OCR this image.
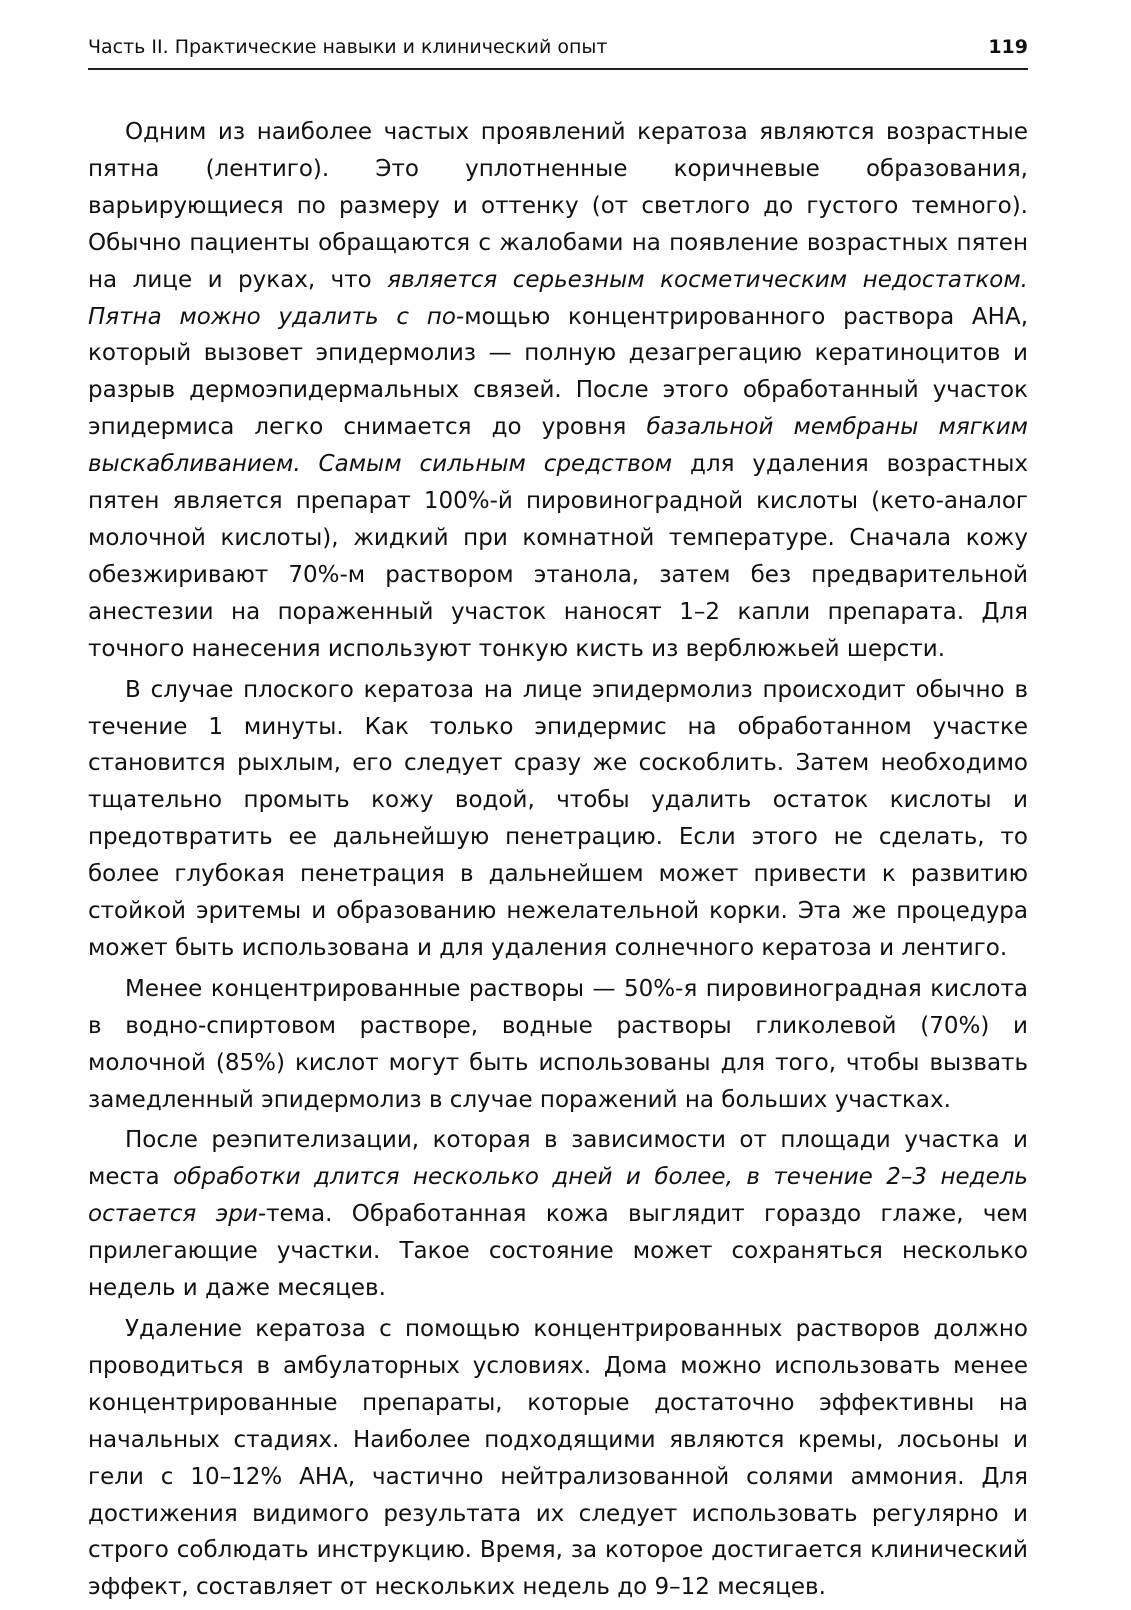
Часть II. Практические навыки и клинический опыт	119

Одним из наиболее частых проявлений кератоза являются возрастные пятна (лентиго). Это уплотненные коричневые образования, варьирующиеся по размеру и оттенку (от светлого до густого темного). Обычно пациенты обращаются с жалобами на появление возрастных пятен на лице и руках, что является серьезным косметическим недостатком. Пятна можно удалить с по-мощью концентрированного раствора АНА, который вызовет эпидермолиз — полную дезагрегацию кератиноцитов и разрыв дермоэпидермальных связей. После этого обработанный участок эпидермиса легко снимается до уровня базальной мембраны мягким выскабливанием. Самым сильным средством для удаления возрастных пятен является препарат 100%-й пировиноградной кислоты (кето-аналог молочной кислоты), жидкий при комнатной температуре. Сначала кожу обезжиривают 70%-м раствором этанола, затем без предварительной анестезии на пораженный участок наносят 1–2 капли препарата. Для точного нанесения используют тонкую кисть из верблюжьей шерсти.

В случае плоского кератоза на лице эпидермолиз происходит обычно в течение 1 минуты. Как только эпидермис на обработанном участке становится рыхлым, его следует сразу же соскоблить. Затем необходимо тщательно промыть кожу водой, чтобы удалить остаток кислоты и предотвратить ее дальнейшую пенетрацию. Если этого не сделать, то более глубокая пенетрация в дальнейшем может привести к развитию стойкой эритемы и образованию нежелательной корки. Эта же процедура может быть использована и для удаления солнечного кератоза и лентиго.

Менее концентрированные растворы — 50%-я пировиноградная кислота в водно-спиртовом растворе, водные растворы гликолевой (70%) и молочной (85%) кислот могут быть использованы для того, чтобы вызвать замедленный эпидермолиз в случае поражений на больших участках.

После реэпителизации, которая в зависимости от площади участка и места обработки длится несколько дней и более, в течение 2–3 недель остается эри-тема. Обработанная кожа выглядит гораздо глаже, чем прилегающие участки. Такое состояние может сохраняться несколько недель и даже месяцев.

Удаление кератоза с помощью концентрированных растворов должно проводиться в амбулаторных условиях. Дома можно использовать менее концентрированные препараты, которые достаточно эффективны на начальных стадиях. Наиболее подходящими являются кремы, лосьоны и гели с 10–12% АНА, частично нейтрализованной солями аммония. Для достижения видимого результата их следует использовать регулярно и строго соблюдать инструкцию. Время, за которое достигается клинический эффект, составляет от нескольких недель до 9–12 месяцев.
